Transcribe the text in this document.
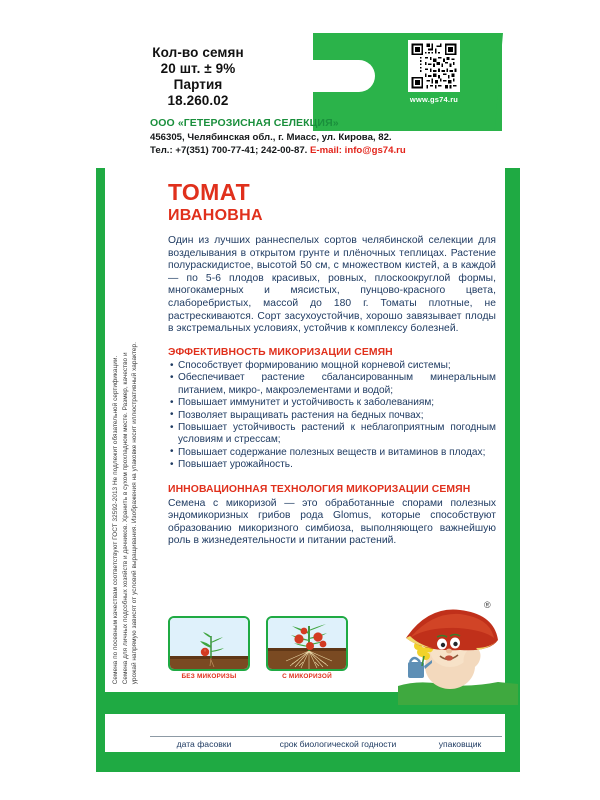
www.gs74.ru
Кол-во семян
20 шт. ± 9%
Партия
18.260.02
ООО «ГЕТЕРОЗИСНАЯ СЕЛЕКЦИЯ»
456305, Челябинская обл., г. Миасс, ул. Кирова, 82.
Тел.: +7(351) 700-77-41; 242-00-87. E-mail: info@gs74.ru
Семена по посевным качествам соответствуют ГОСТ 32592-2013 Не подлежит обязательной сертификации. Семена для личных подсобных хозяйств и дачников. Хранить в сухом прохладном месте. Размер, качество и урожай напрямую зависят от условий выращивания. Изображения на упаковке носит иллюстративный характер.
ТОМАТ
ИВАНОВНА

Один из лучших раннеспелых сортов челябинской селекции для возделывания в открытом грунте и плёночных теплицах. Растение полураскидистое, высотой 50 см, с множеством кистей, а в каждой — по 5-6 плодов красивых, ровных, плоскоокруглой формы, многокамерных и мясистых, пунцово-красного цвета, слаборебристых, массой до 180 г. Томаты плотные, не растрескиваются. Сорт засухоустойчив, хорошо завязывает плоды в экстремальных условиях, устойчив к комплексу болезней.

ЭФФЕКТИВНОСТЬ МИКОРИЗАЦИИ СЕМЯН
• Способствует формированию мощной корневой системы;
• Обеспечивает растение сбалансированным минеральным питанием, микро-, макроэлементами и водой;
• Повышает иммунитет и устойчивость к заболеваниям;
• Позволяет выращивать растения на бедных почвах;
• Повышает устойчивость растений к неблагоприятным погодным условиям и стрессам;
• Повышает содержание полезных веществ и витаминов в плодах;
• Повышает урожайность.
ИННОВАЦИОННАЯ ТЕХНОЛОГИЯ МИКОРИЗАЦИИ СЕМЯН

Семена с микоризой — это обработанные спорами полезных эндомикоризных грибов рода Glomus, которые способствуют образованию микоризного симбиоза, выполняющего важнейшую роль в жизнедеятельности и питании растений.

БЕЗ МИКОРИЗЫ	С МИКОРИЗОЙ
®
дата фасовки	срок биологической годности	упаковщик
